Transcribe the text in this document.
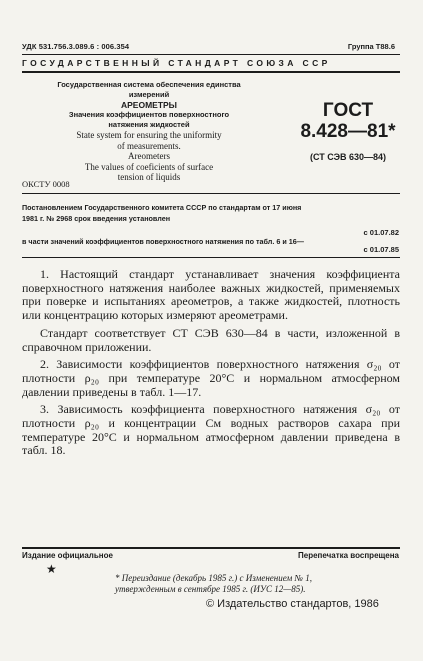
УДК 531.756.3.089.6 : 006.354	Группа Т88.6
ГОСУДАРСТВЕННЫЙ СТАНДАРТ СОЮЗА ССР
Государственная система обеспечения единства
измерений
АРЕОМЕТРЫ
Значения коэффициентов поверхностного
натяжения жидкостей
State system for ensuring the uniformity
of measurements.
Areometers
The values of coeficients of surface
tension of liquids
ГОСТ
8.428—81*
(СТ СЭВ 630—84)
ОКСТУ 0008
Постановлением Государственного комитета СССР по стандартам от 17 июня
1981 г. № 2968 срок введения установлен
с 01.07.82
в части значений коэффициентов поверхностного натяжения по табл. 6 и 16—
с 01.07.85

1. Настоящий стандарт устанавливает значения коэффициента поверхностного натяжения наиболее важных жидкостей, применяемых при поверке и испытаниях ареометров, а также жидкостей, плотность или концентрацию которых измеряют ареометрами.

Стандарт соответствует СТ СЭВ 630—84 в части, изложенной в справочном приложении.

2. Зависимости коэффициентов поверхностного натяжения σ₂₀ от плотности ρ₂₀ при температуре 20°С и нормальном атмосферном давлении приведены в табл. 1—17.

3. Зависимость коэффициента поверхностного натяжения σ₂₀ от плотности ρ₂₀ и концентрации Cм водных растворов сахара при температуре 20°С и нормальном атмосферном давлении приведена в табл. 18.

Издание официальное	Перепечатка воспрещена
★
* Переиздание (декабрь 1985 г.) с Изменением № 1,
утвержденным в сентябре 1985 г. (ИУС 12—85).
© Издательство стандартов, 1986
